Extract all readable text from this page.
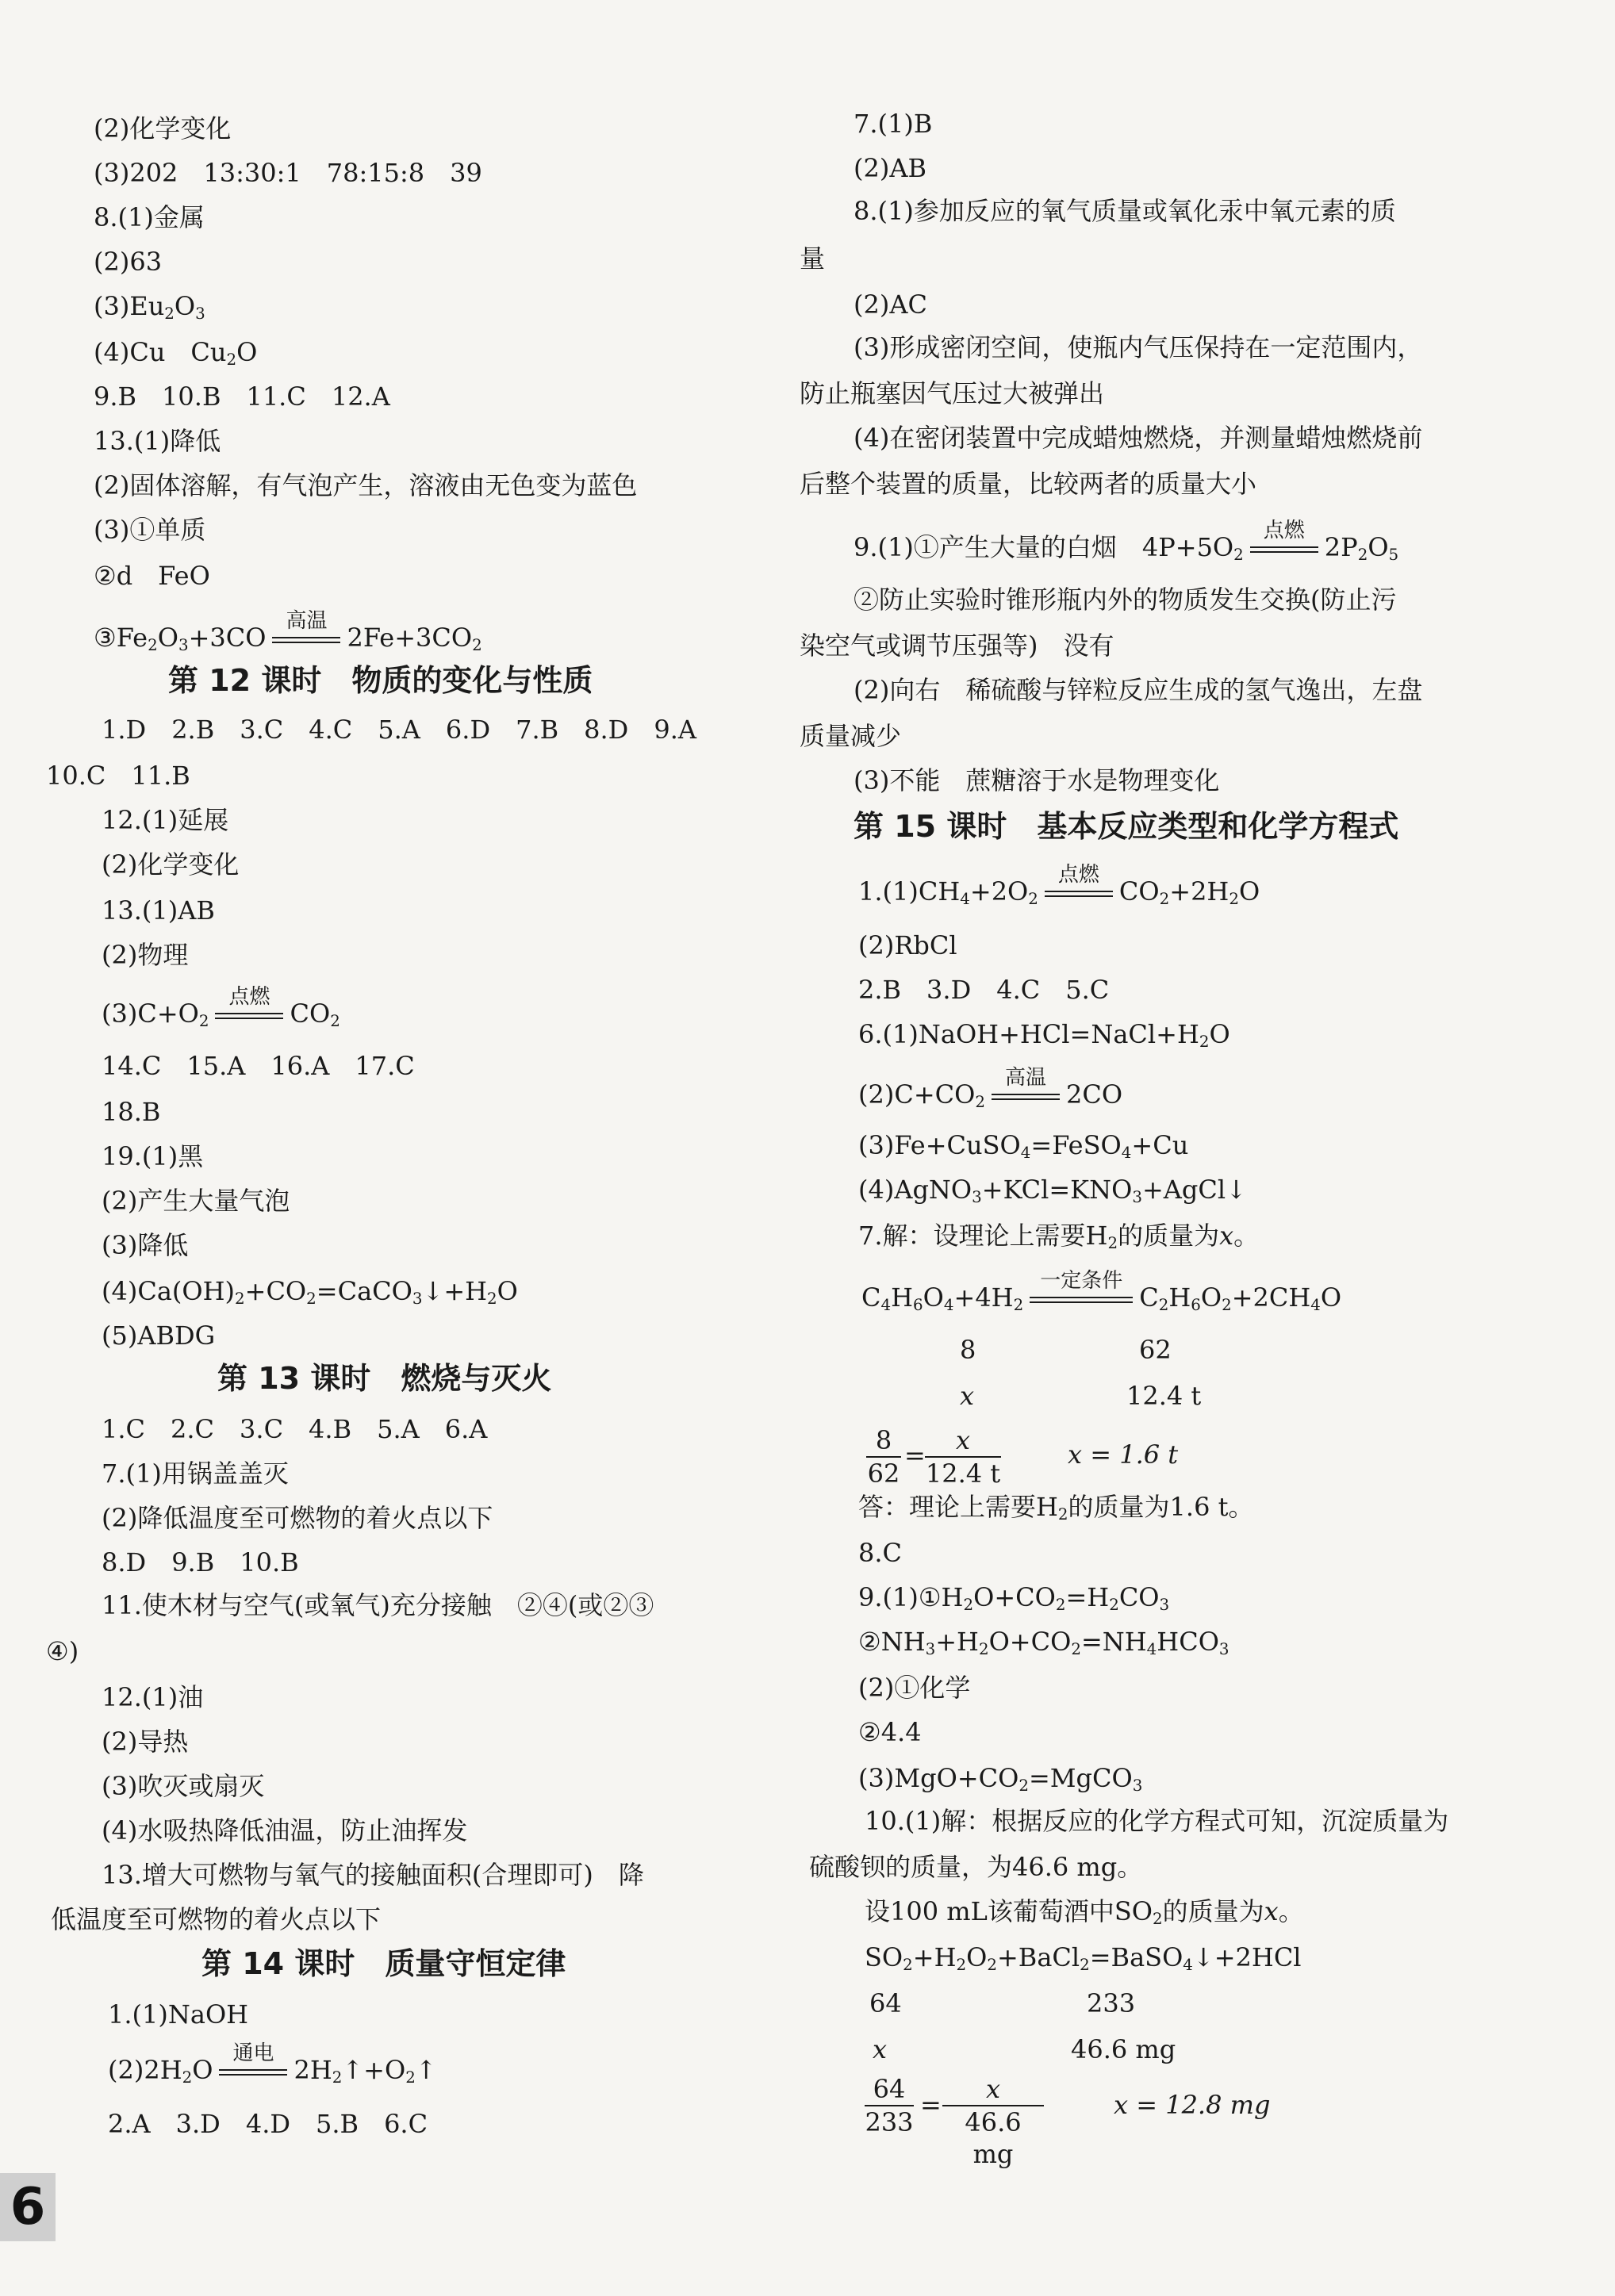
(2)化学变化
(3)202　13:30:1　78:15:8　39
8.(1)金属
(2)63
$(3)Eu_2O_3$
(4)Cu　$Cu_2O$
9.B　10.B　11.C　12.A
13.(1)降低
(2)固体溶解，有气泡产生，溶液由无色变为蓝色
(3)①单质
②d　FeO
$③Fe_2O_3+3CO$
高温
$2Fe+3CO_2$
第 12 课时　物质的变化与性质
1.D　2.B　3.C　4.C　5.A　6.D　7.B　8.D　9.A
10.C　11.B
12.(1)延展
(2)化学变化
13.(1)AB
(2)物理
$(3)C+O_2$
点燃
$CO_2$
14.C　15.A　16.A　17.C
18.B
19.(1)黑
(2)产生大量气泡
(3)降低
$(4)Ca(OH)_2+CO_2=CaCO_3↓+H_2O$
(5)ABDG
第 13 课时　燃烧与灭火
1.C　2.C　3.C　4.B　5.A　6.A
7.(1)用锅盖盖灭
(2)降低温度至可燃物的着火点以下
8.D　9.B　10.B
11.使木材与空气(或氧气)充分接触　②④(或②③
④)
12.(1)油
(2)导热
(3)吹灭或扇灭
(4)水吸热降低油温，防止油挥发
13.增大可燃物与氧气的接触面积(合理即可)　降
低温度至可燃物的着火点以下
第 14 课时　质量守恒定律
1.(1)NaOH
$(2)2H_2O$
通电
$2H_2↑+O_2↑$
2.A　3.D　4.D　5.B　6.C
7.(1)B
(2)AB
8.(1)参加反应的氧气质量或氧化汞中氧元素的质
量
(2)AC
(3)形成密闭空间，使瓶内气压保持在一定范围内，
防止瓶塞因气压过大被弹出
(4)在密闭装置中完成蜡烛燃烧，并测量蜡烛燃烧前
后整个装置的质量，比较两者的质量大小
9.(1)①产生大量的白烟　$4P+5O_2$
点燃
$2P_2O_5$
②防止实验时锥形瓶内外的物质发生交换(防止污
染空气或调节压强等)　没有
(2)向右　稀硫酸与锌粒反应生成的氢气逸出，左盘
质量减少
(3)不能　蔗糖溶于水是物理变化
第 15 课时　基本反应类型和化学方程式
$1.(1)CH_4+2O_2$
点燃
$CO_2+2H_2O$
(2)RbCl
2.B　3.D　4.C　5.C
$6.(1)NaOH+HCl=NaCl+H_2O$
$(2)C+CO_2$
高温
2CO
(3)Fe+CuSO$_4$=FeSO$_4$+Cu
$(4)AgNO_3+KCl=KNO_3+AgCl↓$
7.解：设理论上需要$H_2$的质量为x。
$C_4H_6O_4+4H_2$
一定条件
$C_2H_6O_2+2CH_4O$
8	62
x	12.4 t
$\frac{8}{62} = \frac{x}{12.4 t}$	x = 1.6 t
答：理论上需要$H_2$的质量为1.6 t。
8.C
$9.(1)①H_2O+CO_2=H_2CO_3$
$②NH_3+H_2O+CO_2=NH_4HCO_3$
(2)①化学
②4.4
$(3)MgO+CO_2=MgCO_3$
10.(1)解：根据反应的化学方程式可知，沉淀质量为
硫酸钡的质量，为46.6 mg。
设100 mL该葡萄酒中$SO_2$的质量为x。
$SO_2+H_2O_2+BaCl_2=BaSO_4↓+2HCl$
64	233
x	46.6 mg
$\frac{64}{233} = \frac{x}{46.6 mg}$	x = 12.8 mg
6
